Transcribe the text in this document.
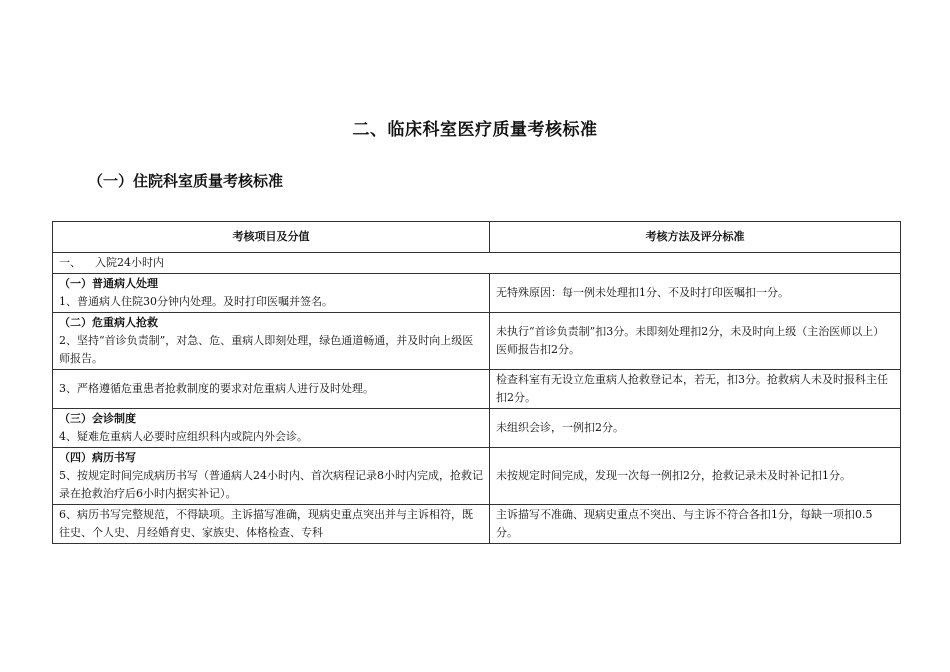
二、临床科室医疗质量考核标准
（一）住院科室质量考核标准
考核项目及分值	考核方法及评分标准
一、    入院24小时内	

（一）普通病人处理
1、普通病人住院30分钟内处理。及时打印医嘱并签名。	无特殊原因：每一例未处理扣1分、不及时打印医嘱扣一分。

（二）危重病人抢救
2、坚持“首诊负责制”，对急、危、重病人即刻处理，绿色通道畅通，并及时向上级医师报告。	未执行“首诊负责制”扣3分。未即刻处理扣2分，未及时向上级（主治医师以上）医师报告扣2分。
3、严格遵循危重患者抢救制度的要求对危重病人进行及时处理。	检查科室有无设立危重病人抢救登记本，若无，扣3分。抢救病人未及时报科主任扣2分。

（三）会诊制度
4、疑难危重病人必要时应组织科内或院内外会诊。	未组织会诊，一例扣2分。

（四）病历书写
5、按规定时间完成病历书写（普通病人24小时内、首次病程记录8小时内完成，抢救记录在抢救治疗后6小时内据实补记）。	未按规定时间完成，发现一次每一例扣2分，抢救记录未及时补记扣1分。

6、病历书写完整规范，不得缺项。主诉描写准确，现病史重点突出并与主诉相符，既往史、个人史、月经婚育史、家族史、体格检查、专科	主诉描写不准确、现病史重点不突出、与主诉不符合各扣1分，每缺一项扣0.5分。
